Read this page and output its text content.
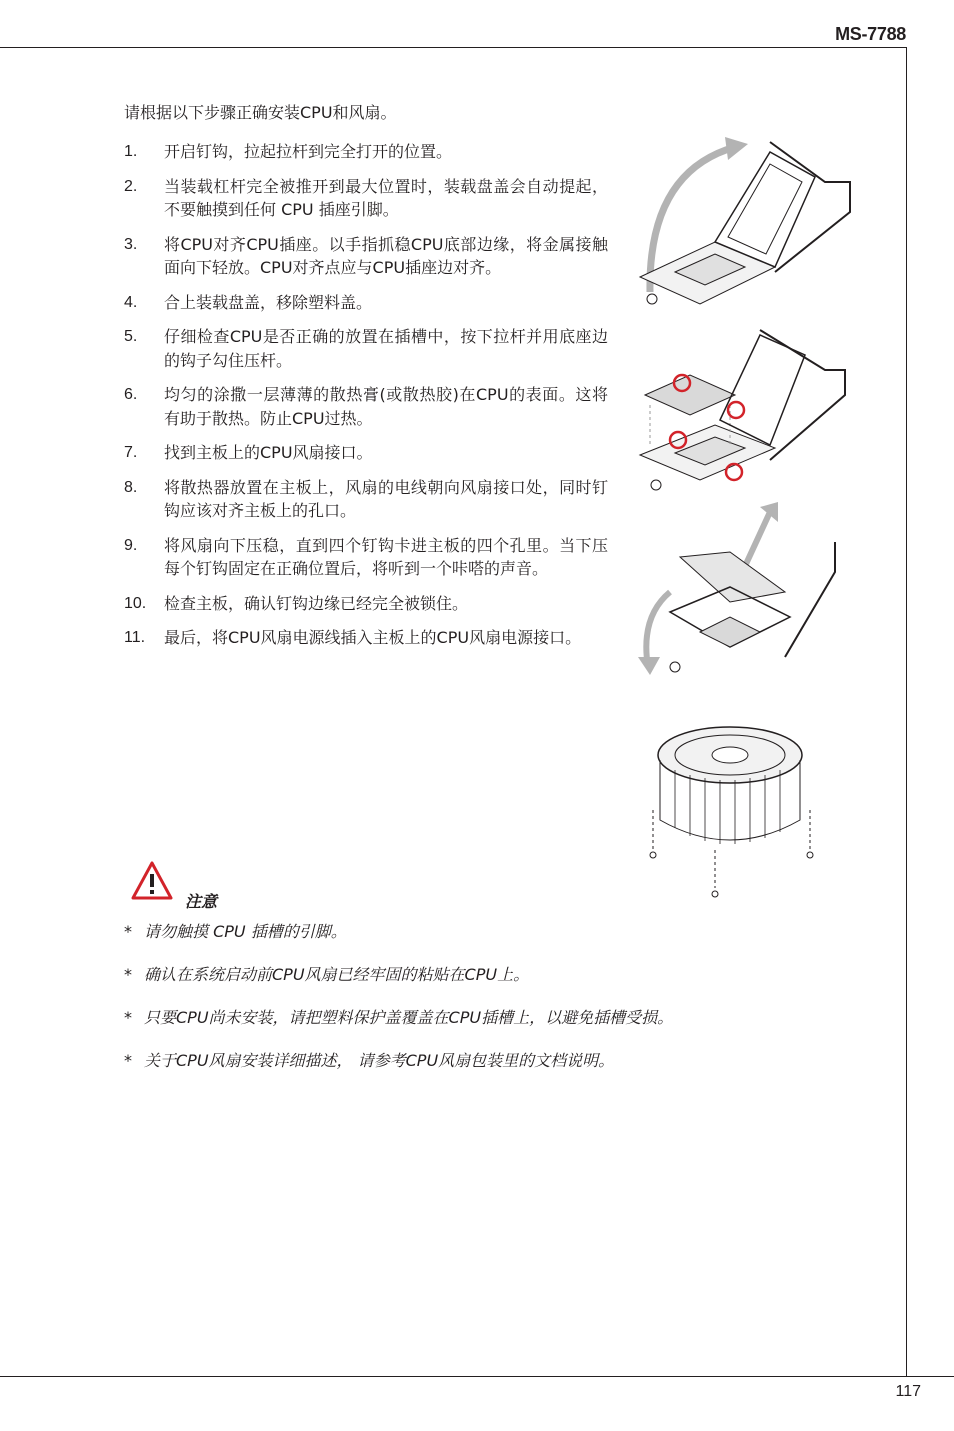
MS-7788
请根据以下步骤正确安装CPU和风扇。
1. 开启钉钩，拉起拉杆到完全打开的位置。
2. 当装载杠杆完全被推开到最大位置时，装载盘盖会自动提起，不要触摸到任何 CPU 插座引脚。
3. 将CPU对齐CPU插座。以手指抓稳CPU底部边缘，将金属接触面向下轻放。CPU对齐点应与CPU插座边对齐。
4. 合上装载盘盖，移除塑料盖。
5. 仔细检查CPU是否正确的放置在插槽中，按下拉杆并用底座边的钩子勾住压杆。
6. 均匀的涂撒一层薄薄的散热膏(或散热胶)在CPU的表面。这将有助于散热。防止CPU过热。
7. 找到主板上的CPU风扇接口。
8. 将散热器放置在主板上，风扇的电线朝向风扇接口处，同时钉钩应该对齐主板上的孔口。
9. 将风扇向下压稳，直到四个钉钩卡进主板的四个孔里。当下压每个钉钩固定在正确位置后，将听到一个咔嗒的声音。
10. 检查主板，确认钉钩边缘已经完全被锁住。
11. 最后，将CPU风扇电源线插入主板上的CPU风扇电源接口。
注意
* 请勿触摸 CPU 插槽的引脚。
* 确认在系统启动前CPU风扇已经牢固的粘贴在CPU上。
* 只要CPU尚未安装，请把塑料保护盖覆盖在CPU插槽上，以避免插槽受损。
* 关于CPU风扇安装详细描述， 请参考CPU风扇包装里的文档说明。
117
